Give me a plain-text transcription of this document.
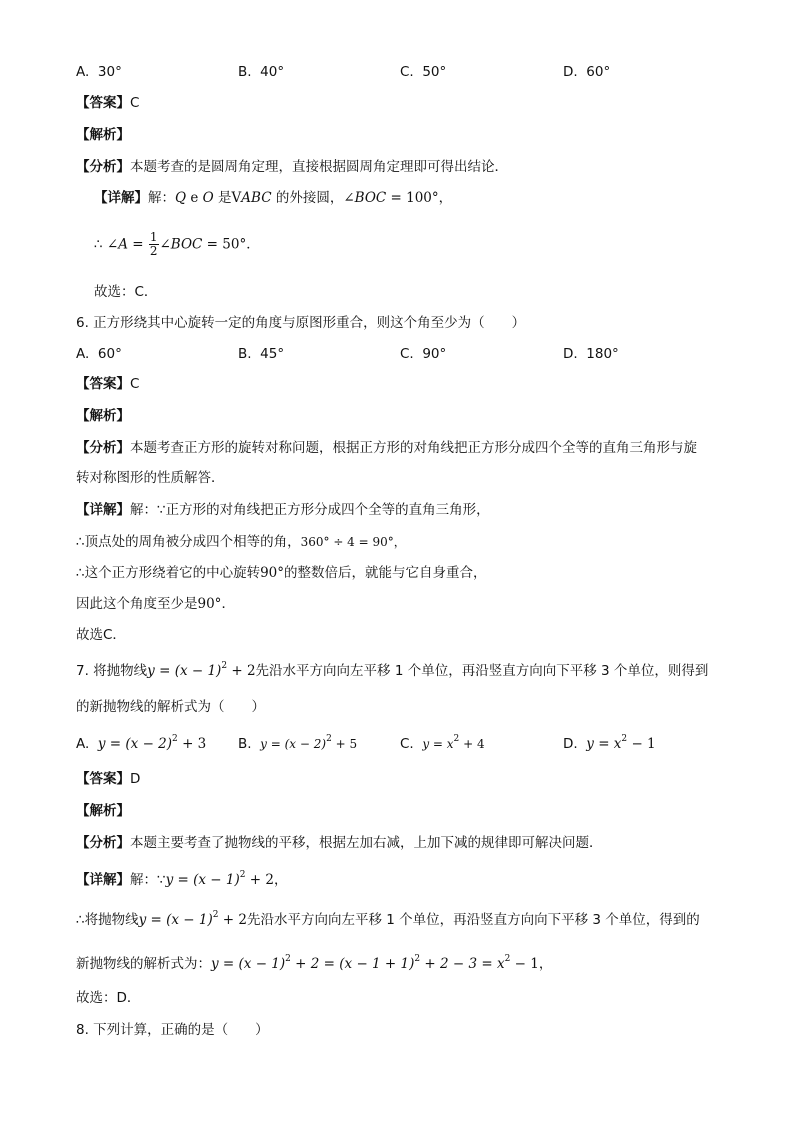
A. 30°	B. 40°	C. 50°	D. 60°
【答案】C
【解析】
【分析】本题考查的是圆周角定理，直接根据圆周角定理即可得出结论．
【详解】解：Q e O 是VABC 的外接圆，∠BOC = 100°，
∴ ∠A = $\frac{1}{2}$ ∠BOC = 50°．
故选：C．
6. 正方形绕其中心旋转一定的角度与原图形重合，则这个角至少为（　　）
A. 60°	B. 45°	C. 90°	D. 180°
【答案】C
【解析】
【分析】本题考查正方形的旋转对称问题，根据正方形的对角线把正方形分成四个全等的直角三角形与旋
转对称图形的性质解答．
【详解】解：∵正方形的对角线把正方形分成四个全等的直角三角形，
∴顶点处的周角被分成四个相等的角，360° ÷ 4 = 90°，
∴这个正方形绕着它的中心旋转90°的整数倍后，就能与它自身重合，
因此这个角度至少是90°．
故选C．
7. 将抛物线$y = (x - 1)^2 + 2$先沿水平方向向左平移 1 个单位，再沿竖直方向向下平移 3 个单位，则得到
的新抛物线的解析式为（　　）
A. $y = (x - 2)^2 + 3$ B. $y = (x - 2)^2 + 5$	C. $y = x^2 + 4$	D. $y = x^2 - 1$
【答案】D
【解析】
【分析】本题主要考查了抛物线的平移，根据左加右减，上加下减的规律即可解决问题．
【详解】解：∵y = $(x - 1)^2 + 2$，
∴将抛物线$y = (x - 1)^2 + 2$先沿水平方向向左平移 1 个单位，再沿竖直方向向下平移 3 个单位，得到的
新抛物线的解析式为：$y = (x - 1)^2 + 2 = (x - 1 + 1)^2 + 2 - 3 = x^2 - 1$，
故选：D．
8. 下列计算，正确的是（　　）
